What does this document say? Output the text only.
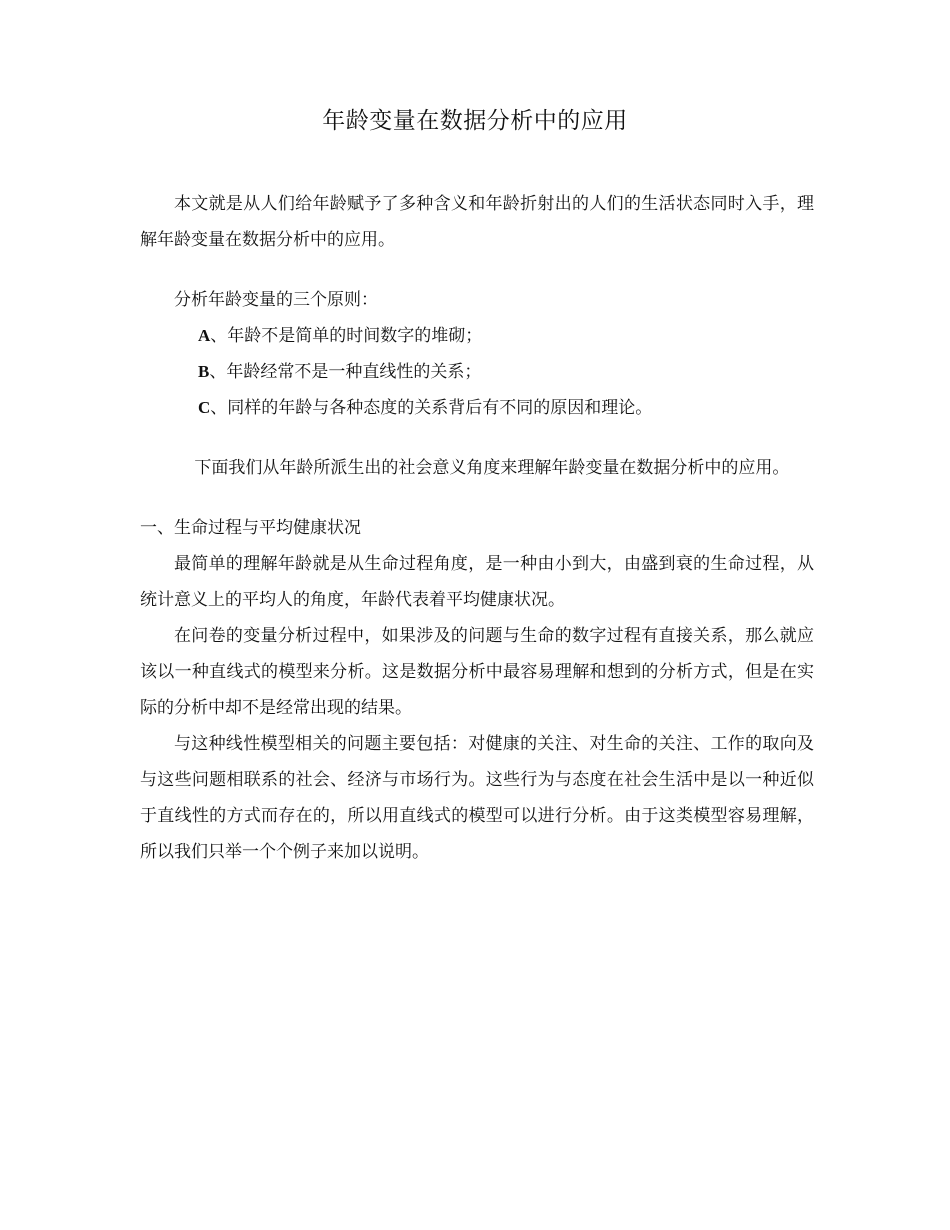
年龄变量在数据分析中的应用

本文就是从人们给年龄赋予了多种含义和年龄折射出的人们的生活状态同时入手，理解年龄变量在数据分析中的应用。

分析年龄变量的三个原则：

A、年龄不是简单的时间数字的堆砌；
B、年龄经常不是一种直线性的关系；
C、同样的年龄与各种态度的关系背后有不同的原因和理论。

下面我们从年龄所派生出的社会意义角度来理解年龄变量在数据分析中的应用。

一、生命过程与平均健康状况

最简单的理解年龄就是从生命过程角度，是一种由小到大，由盛到衰的生命过程，从统计意义上的平均人的角度，年龄代表着平均健康状况。

在问卷的变量分析过程中，如果涉及的问题与生命的数字过程有直接关系，那么就应该以一种直线式的模型来分析。这是数据分析中最容易理解和想到的分析方式，但是在实际的分析中却不是经常出现的结果。

与这种线性模型相关的问题主要包括：对健康的关注、对生命的关注、工作的取向及与这些问题相联系的社会、经济与市场行为。这些行为与态度在社会生活中是以一种近似于直线性的方式而存在的，所以用直线式的模型可以进行分析。由于这类模型容易理解，所以我们只举一个个例子来加以说明。
